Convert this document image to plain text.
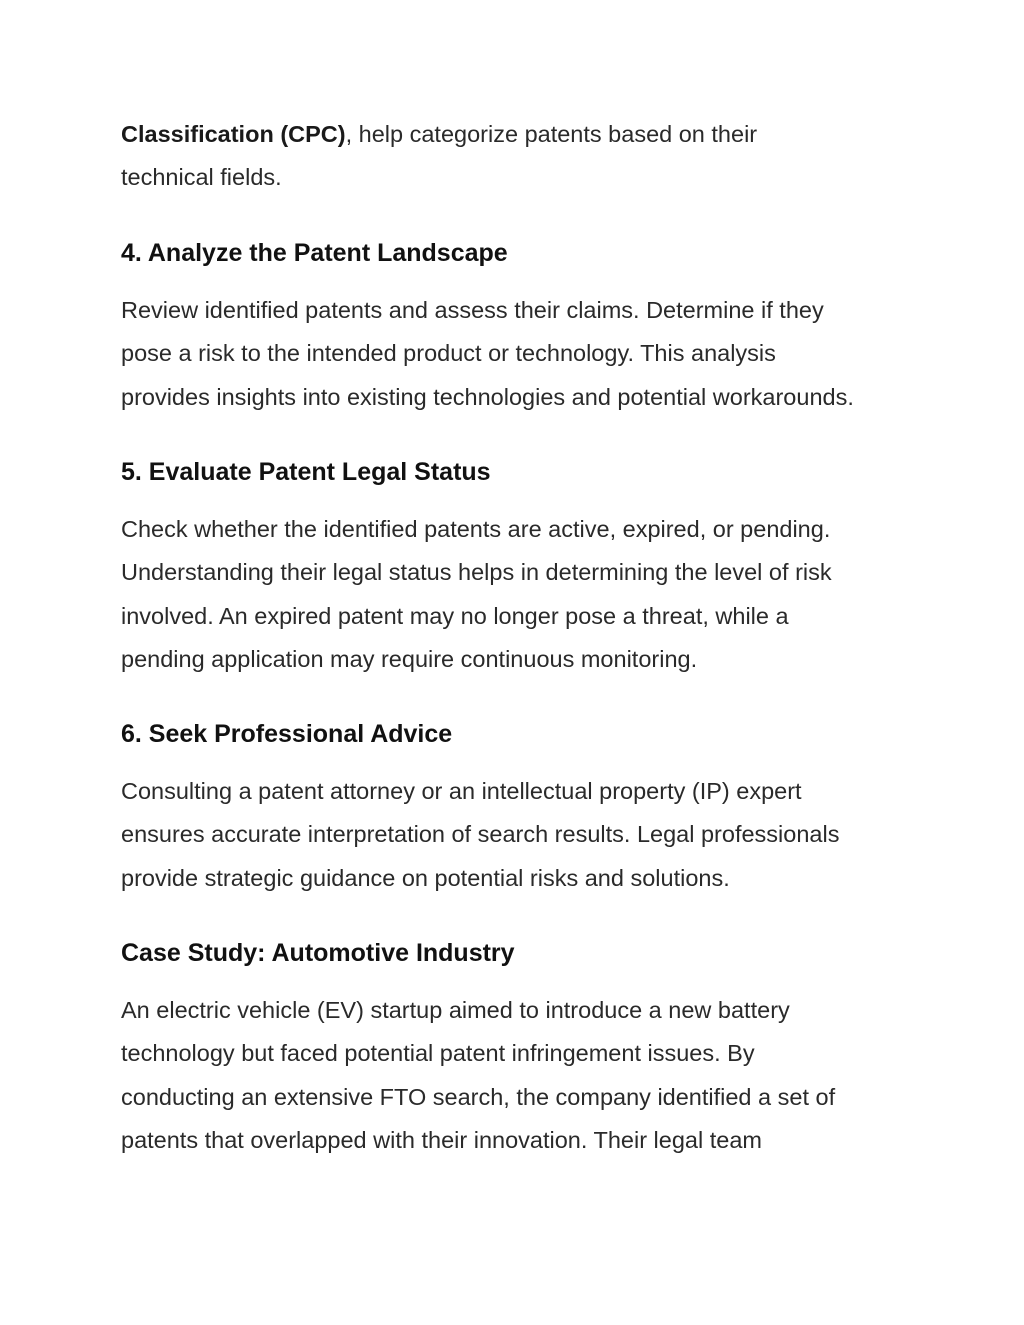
Classification (CPC), help categorize patents based on their
technical fields.

4. Analyze the Patent Landscape

Review identified patents and assess their claims. Determine if they
pose a risk to the intended product or technology. This analysis
provides insights into existing technologies and potential workarounds.

5. Evaluate Patent Legal Status

Check whether the identified patents are active, expired, or pending.
Understanding their legal status helps in determining the level of risk
involved. An expired patent may no longer pose a threat, while a
pending application may require continuous monitoring.

6. Seek Professional Advice

Consulting a patent attorney or an intellectual property (IP) expert
ensures accurate interpretation of search results. Legal professionals
provide strategic guidance on potential risks and solutions.

Case Study: Automotive Industry

An electric vehicle (EV) startup aimed to introduce a new battery
technology but faced potential patent infringement issues. By
conducting an extensive FTO search, the company identified a set of
patents that overlapped with their innovation. Their legal team
